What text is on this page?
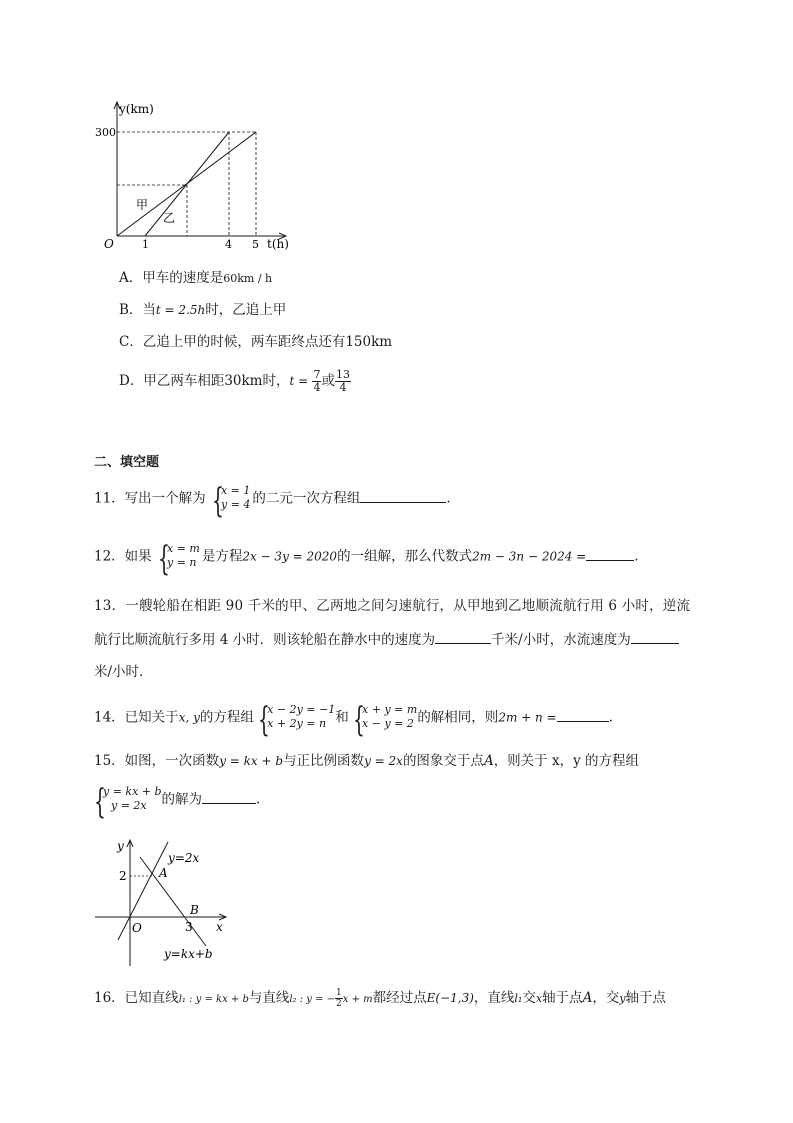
y(km)
300
O	1	4 5 t(h)
甲
乙
A．甲车的速度是60km / h
B．当t = 2.5h时，乙追上甲
C．乙追上甲的时候，两车距终点还有150km
D．甲乙两车相距30km时，$t = \frac{7}{4}$ 或 $\frac{13}{4}$
二、填空题
11．写出一个解为 {
x = 1
y = 4 的二元一次方程组	.
12．如果 {
x = m
y = n 是方程2x − 3y = 2020的一组解，那么代数式2m − 3n − 2024 =	.
13．一艘轮船在相距 90 千米的甲、乙两地之间匀速航行，从甲地到乙地顺流航行用 6 小时，逆流
航行比顺流航行多用 4 小时．则该轮船在静水中的速度为	千米/小时，水流速度为
米/小时．
14．已知关于x, y的方程组 {
x − 2y = −1
x + 2y = n 和 {
x + y = m
x − y = 2 的解相同，则2m + n =	.
15．如图，一次函数y = kx + b与正比例函数y = 2x的图象交于点A，则关于 x，y 的方程组
{
y = kx + b
y = 2x	的解为	.
y
2
O
A
B
3 x
y=2x
y=kx+b
16．已知直线l₁ : y = kx + b与直线l₂ : y = − $\frac{1}{2}$ x + m都经过点E(−1,3)，直线l₁交x轴于点A，交y轴于点
